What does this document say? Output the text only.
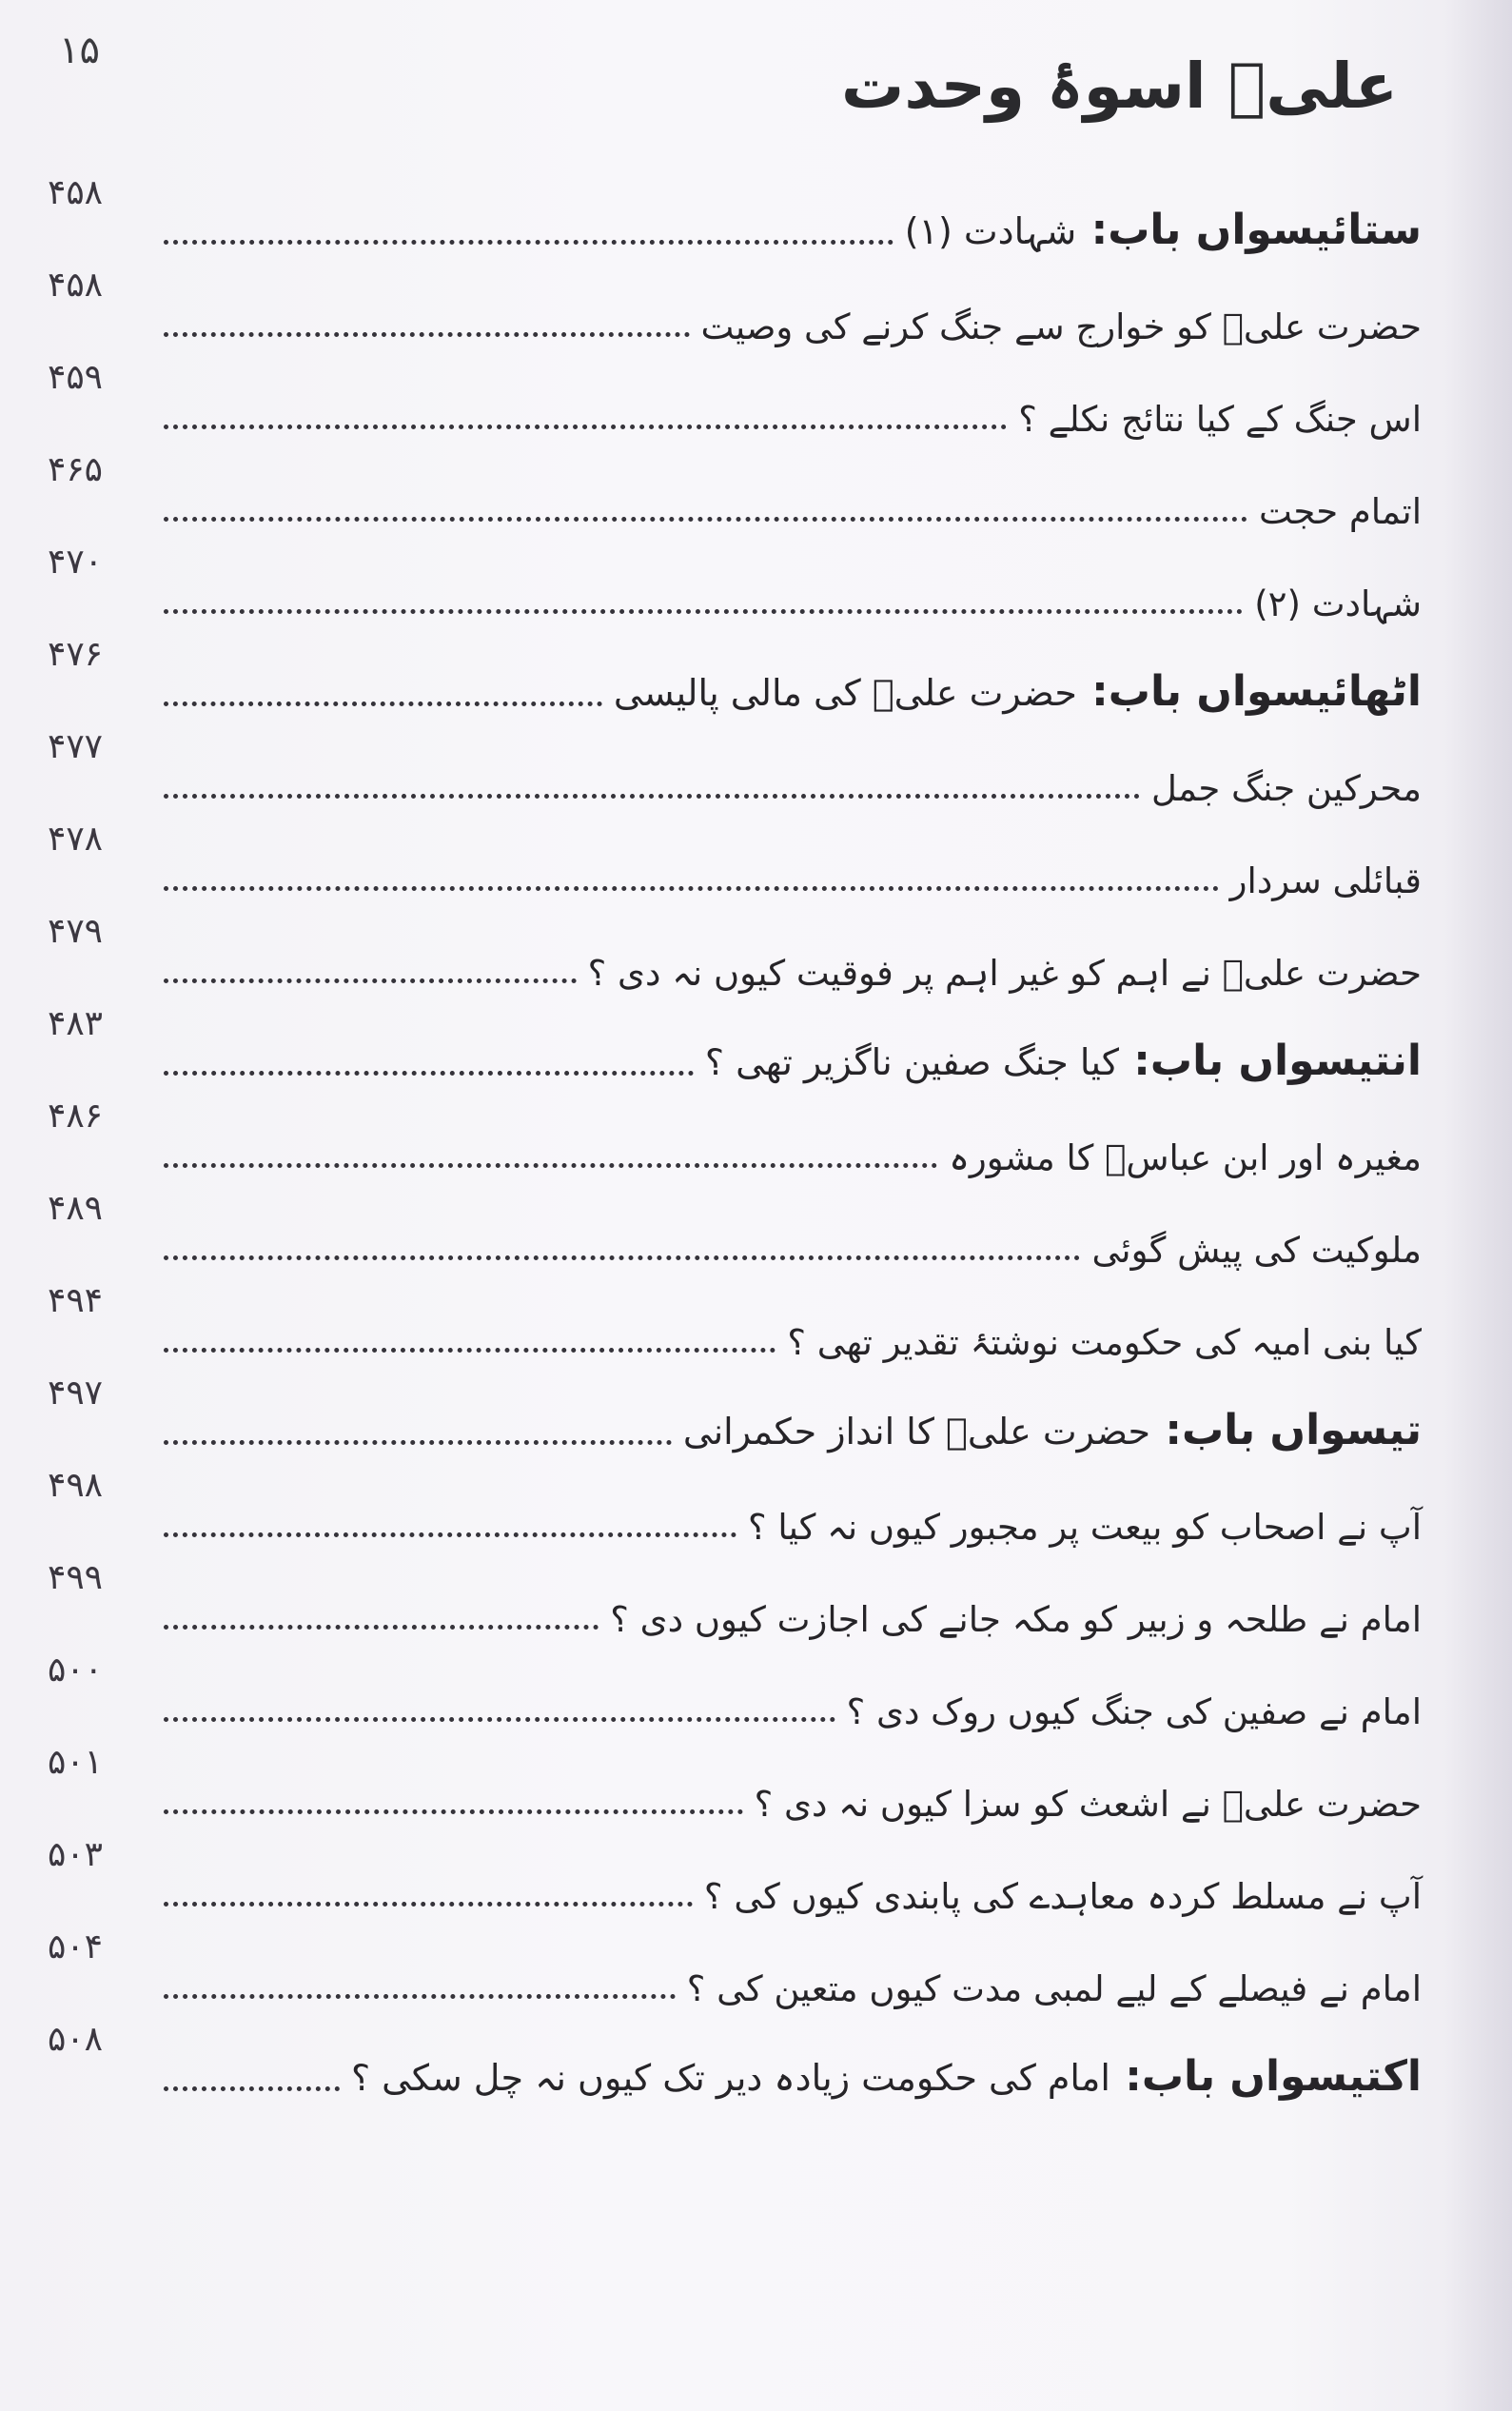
۱۵	علیؑ اسوۂ وحدت
ستائیسواں باب: شہادت (۱)
۴۵۸
حضرت علیؑ کو خوارج سے جنگ کرنے کی وصیت
۴۵۸
اس جنگ کے کیا نتائج نکلے ؟
۴۵۹
اتمام حجت
۴۶۵
شہادت (۲)
۴۷۰
اٹھائیسواں باب: حضرت علیؑ کی مالی پالیسی
۴۷۶
محرکین جنگ جمل
۴۷۷
قبائلی سردار
۴۷۸
حضرت علیؑ نے اہم کو غیر اہم پر فوقیت کیوں نہ دی ؟
۴۷۹
انتیسواں باب: کیا جنگ صفین ناگزیر تھی ؟
۴۸۳
مغیرہ اور ابن عباسؓ کا مشورہ
۴۸۶
ملوکیت کی پیش گوئی
۴۸۹
کیا بنی امیہ کی حکومت نوشتۂ تقدیر تھی ؟
۴۹۴
تیسواں باب: حضرت علیؑ کا انداز حکمرانی
۴۹۷
آپ نے اصحاب کو بیعت پر مجبور کیوں نہ کیا ؟
۴۹۸
امام نے طلحہ و زبیر کو مکہ جانے کی اجازت کیوں دی ؟
۴۹۹
امام نے صفین کی جنگ کیوں روک دی ؟
۵۰۰
حضرت علیؑ نے اشعث کو سزا کیوں نہ دی ؟
۵۰۱
آپ نے مسلط کردہ معاہدے کی پابندی کیوں کی ؟
۵۰۳
امام نے فیصلے کے لیے لمبی مدت کیوں متعین کی ؟
۵۰۴
اکتیسواں باب: امام کی حکومت زیادہ دیر تک کیوں نہ چل سکی ؟
۵۰۸
